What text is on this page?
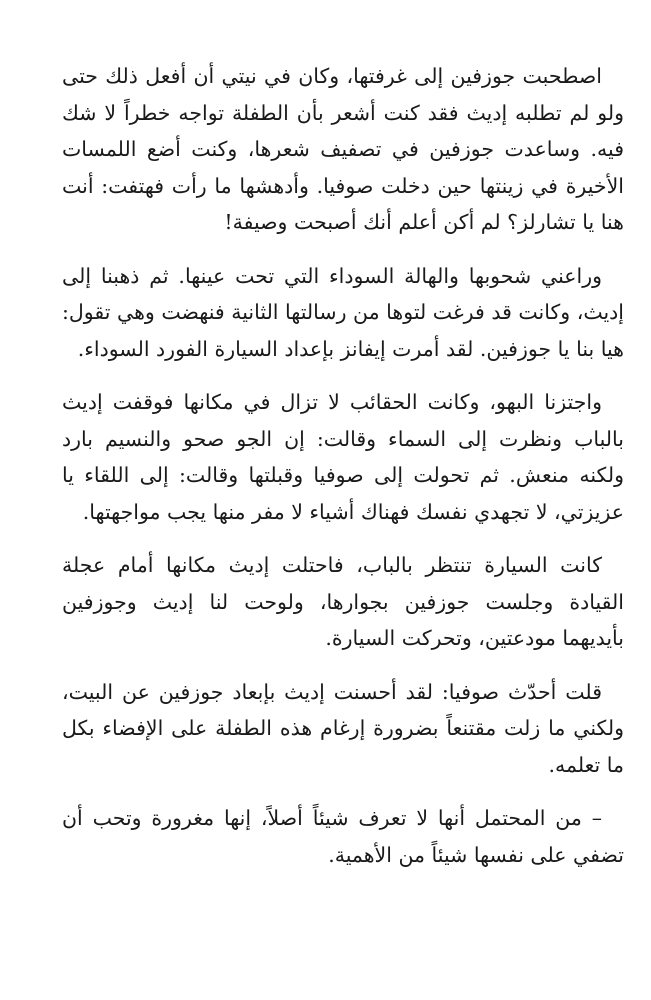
اصطحبت جوزفين إلى غرفتها، وكان في نيتي أن أفعل ذلك حتى ولو لم تطلبه إديث فقد كنت أشعر بأن الطفلة تواجه خطراً لا شك فيه. وساعدت جوزفين في تصفيف شعرها، وكنت أضع اللمسات الأخيرة في زينتها حين دخلت صوفيا. وأدهشها ما رأت فهتفت: أنت هنا يا تشارلز؟ لم أكن أعلم أنك أصبحت وصيفة!

وراعني شحوبها والهالة السوداء التي تحت عينها. ثم ذهبنا إلى إديث، وكانت قد فرغت لتوها من رسالتها الثانية فنهضت وهي تقول: هيا بنا يا جوزفين. لقد أمرت إيفانز بإعداد السيارة الفورد السوداء.

واجتزنا البهو، وكانت الحقائب لا تزال في مكانها فوقفت إديث بالباب ونظرت إلى السماء وقالت: إن الجو صحو والنسيم بارد ولكنه منعش. ثم تحولت إلى صوفيا وقبلتها وقالت: إلى اللقاء يا عزيزتي، لا تجهدي نفسك فهناك أشياء لا مفر منها يجب مواجهتها.

كانت السيارة تنتظر بالباب، فاحتلت إديث مكانها أمام عجلة القيادة وجلست جوزفين بجوارها، ولوحت لنا إديث وجوزفين بأيديهما مودعتين، وتحركت السيارة.

قلت أحدّث صوفيا: لقد أحسنت إديث بإبعاد جوزفين عن البيت، ولكني ما زلت مقتنعاً بضرورة إرغام هذه الطفلة على الإفضاء بكل ما تعلمه.

– من المحتمل أنها لا تعرف شيئاً أصلاً، إنها مغرورة وتحب أن تضفي على نفسها شيئاً من الأهمية.
